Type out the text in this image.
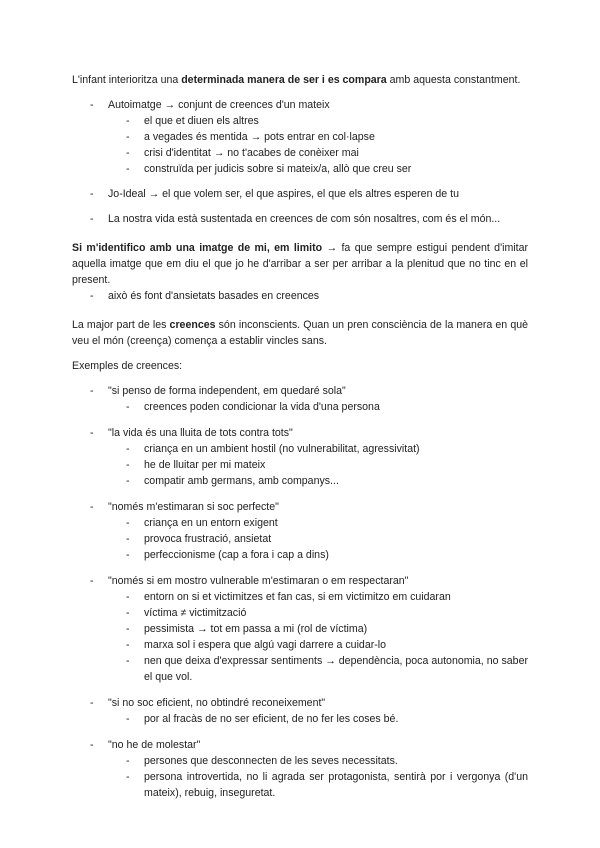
L'infant interioritza una determinada manera de ser i es compara amb aquesta constantment.

- Autoimatge → conjunt de creences d'un mateix
- el que et diuen els altres
- a vegades és mentida → pots entrar en col·lapse
- crisi d'identitat → no t'acabes de conèixer mai
- construïda per judicis sobre si mateix/a, allò que creu ser
- Jo-Ideal → el que volem ser, el que aspires, el que els altres esperen de tu
- La nostra vida està sustentada en creences de com són nosaltres, com és el món...

Si m'identifico amb una imatge de mi, em limito → fa que sempre estigui pendent d'imitar aquella imatge que em diu el que jo he d'arribar a ser per arribar a la plenitud que no tinc en el present.

- això és font d'ansietats basades en creences

La major part de les creences són inconscients. Quan un pren consciència de la manera en què veu el món (creença) comença a establir vincles sans.

Exemples de creences:

- "si penso de forma independent, em quedaré sola"
- creences poden condicionar la vida d'una persona
- "la vida és una lluita de tots contra tots"
- criança en un ambient hostil (no vulnerabilitat, agressivitat)
- he de lluitar per mi mateix
- compatir amb germans, amb companys...
- "només m'estimaran si soc perfecte"
- criança en un entorn exigent
- provoca frustració, ansietat
- perfeccionisme (cap a fora i cap a dins)
- "només si em mostro vulnerable m'estimaran o em respectaran"
- entorn on si et victimitzes et fan cas, si em victimitzo em cuidaran
- víctima ≠ victimització
- pessimista → tot em passa a mi (rol de víctima)
- marxa sol i espera que algú vagi darrere a cuidar-lo
- nen que deixa d'expressar sentiments → dependència, poca autonomia, no saber el que vol.
- "si no soc eficient, no obtindré reconeixement"
- por al fracàs de no ser eficient, de no fer les coses bé.
- "no he de molestar"
- persones que desconnecten de les seves necessitats.
- persona introvertida, no li agrada ser protagonista, sentirà por i vergonya (d'un mateix), rebuig, inseguretat.
